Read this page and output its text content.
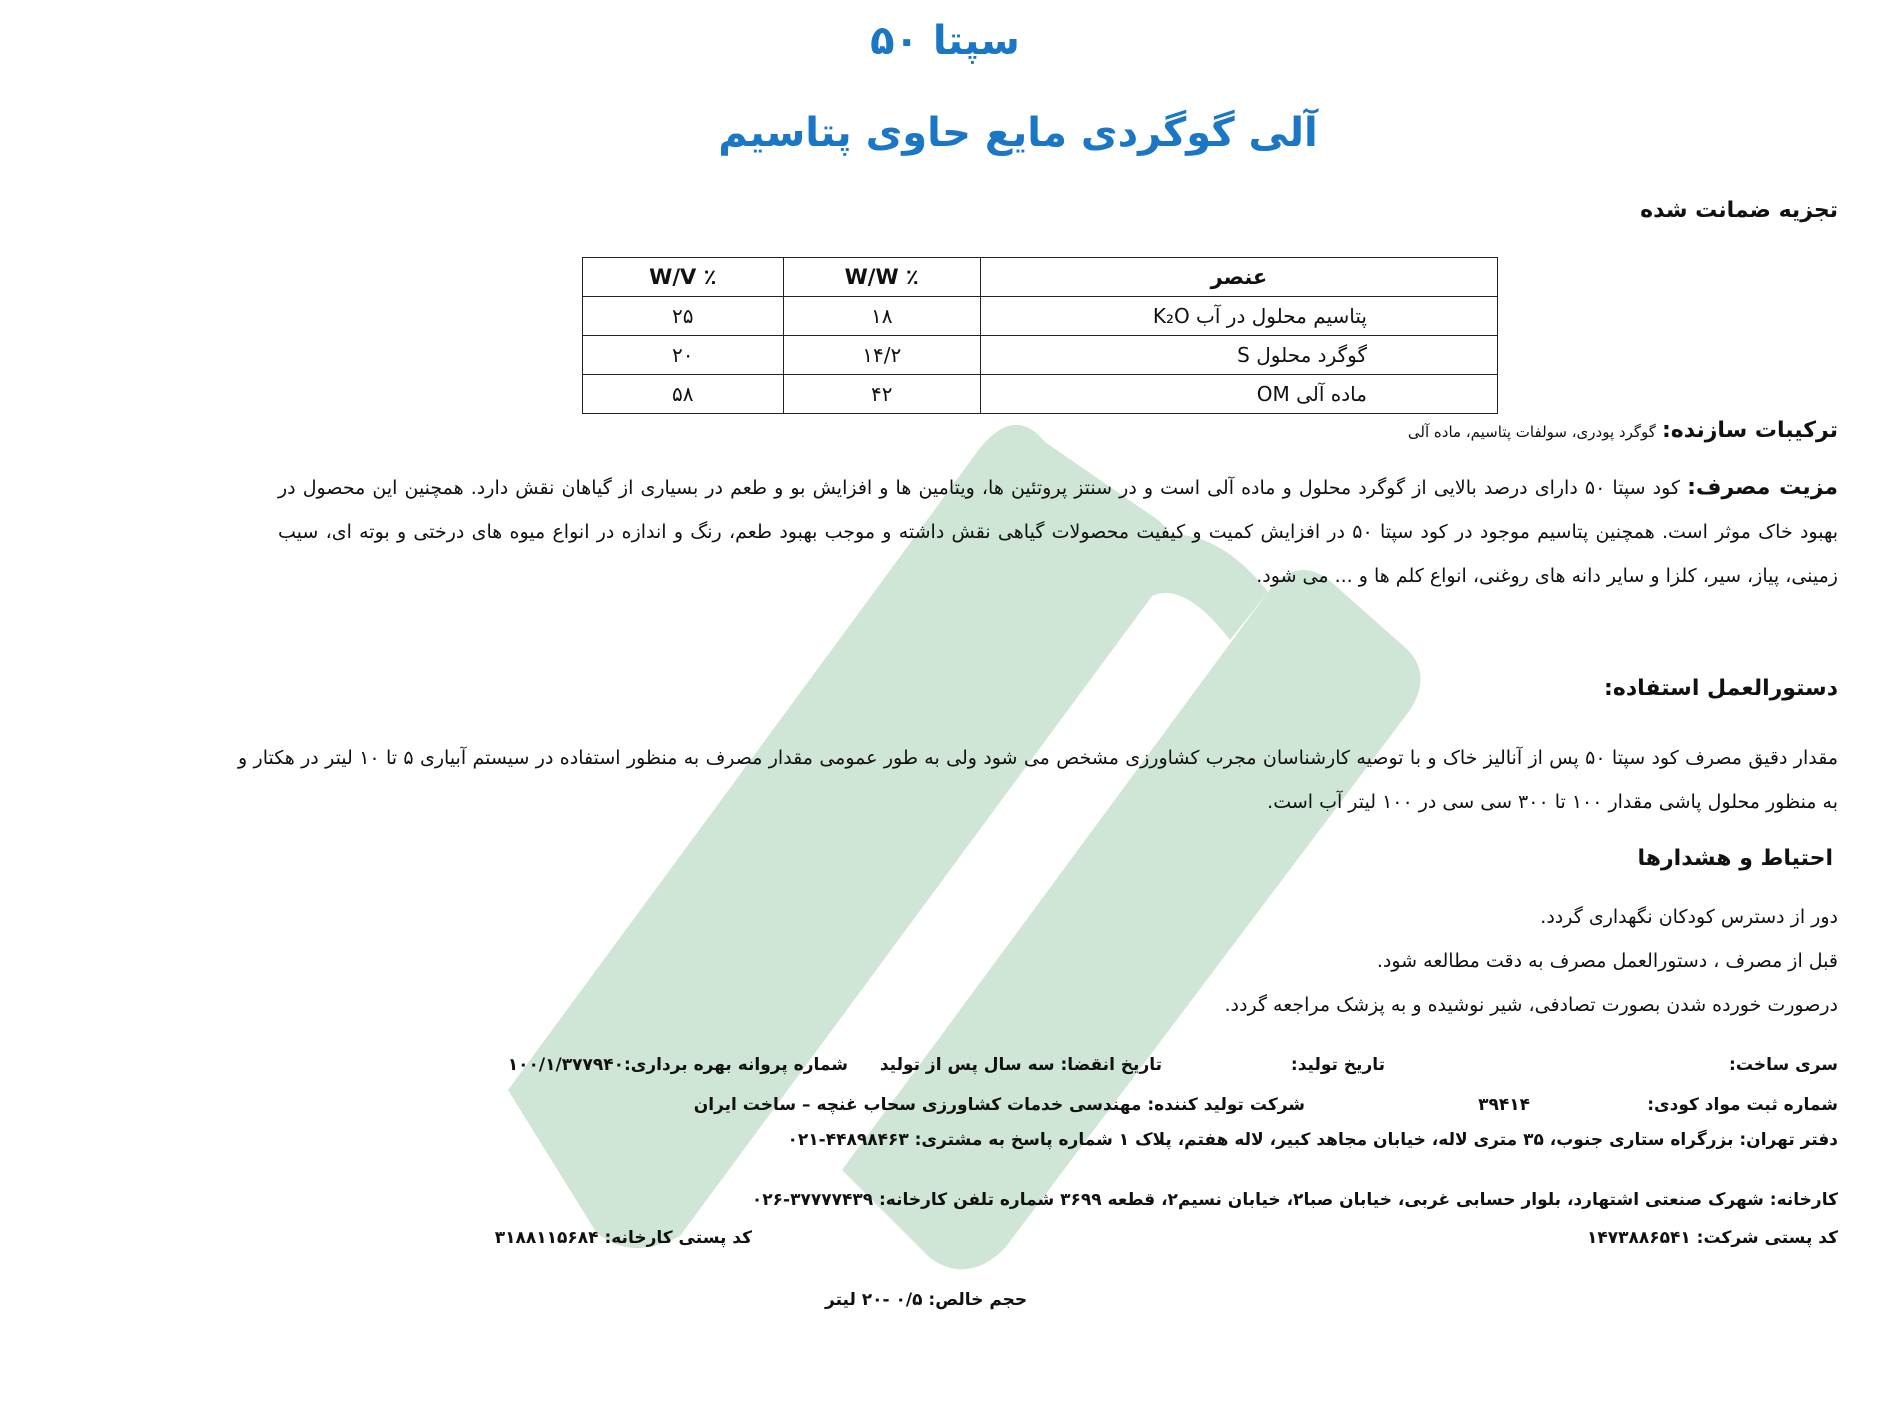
سپتا ۵۰
آلی گوگردی مایع حاوی پتاسیم
تجزیه ضمانت شده
عنصر	٪ W/W	٪ W/V
پتاسیم محلول در آب K₂O	۱۸	۲۵
گوگرد محلول S	۱۴/۲	۲۰
ماده آلی OM	۴۲	۵۸
ترکیبات سازنده: گوگرد پودری، سولفات پتاسیم، ماده آلی
مزیت مصرف: کود سپتا ۵۰ دارای درصد بالایی از گوگرد محلول و ماده آلی است و در سنتز پروتئین ها، ویتامین ها و افزایش بو و طعم در بسیاری از گیاهان نقش دارد. همچنین این محصول در بهبود خاک موثر است. همچنین پتاسیم موجود در کود سپتا ۵۰ در افزایش کمیت و کیفیت محصولات گیاهی نقش داشته و موجب بهبود طعم، رنگ و اندازه در انواع میوه های درختی و بوته ای، سیب زمینی، پیاز، سیر، کلزا و سایر دانه های روغنی، انواع کلم ها و ... می شود.
دستورالعمل استفاده:
مقدار دقیق مصرف کود سپتا ۵۰ پس از آنالیز خاک و با توصیه کارشناسان مجرب کشاورزی مشخص می شود ولی به طور عمومی مقدار مصرف به منظور استفاده در سیستم آبیاری ۵ تا ۱۰ لیتر در هکتار و به منظور محلول پاشی مقدار ۱۰۰ تا ۳۰۰ سی سی در ۱۰۰ لیتر آب است.
احتیاط و هشدارها
دور از دسترس کودکان نگهداری گردد.
قبل از مصرف ، دستورالعمل مصرف به دقت مطالعه شود.
درصورت خورده شدن بصورت تصادفی، شیر نوشیده و به پزشک مراجعه گردد.
سری ساخت:
تاریخ تولید:
تاریخ انقضا: سه سال پس از تولید
شماره پروانه بهره برداری:۱۰۰/۱/۳۷۷۹۴۰
شماره ثبت مواد کودی:
۳۹۴۱۴
شرکت تولید کننده: مهندسی خدمات کشاورزی سحاب غنچه – ساخت ایران
دفتر تهران: بزرگراه ستاری جنوب، ۳۵ متری لاله، خیابان مجاهد کبیر، لاله هفتم، پلاک ۱ شماره پاسخ به مشتری: ۴۴۸۹۸۴۶۳-۰۲۱
کارخانه: شهرک صنعتی اشتهارد، بلوار حسابی غربی، خیابان صبا۲، خیابان نسیم۲، قطعه ۳۶۹۹ شماره تلفن کارخانه: ۳۷۷۷۷۴۳۹-۰۲۶
کد پستی شرکت: ۱۴۷۳۸۸۶۵۴۱
کد پستی کارخانه: ۳۱۸۸۱۱۵۶۸۴
حجم خالص: ۰/۵ -۲۰ لیتر
